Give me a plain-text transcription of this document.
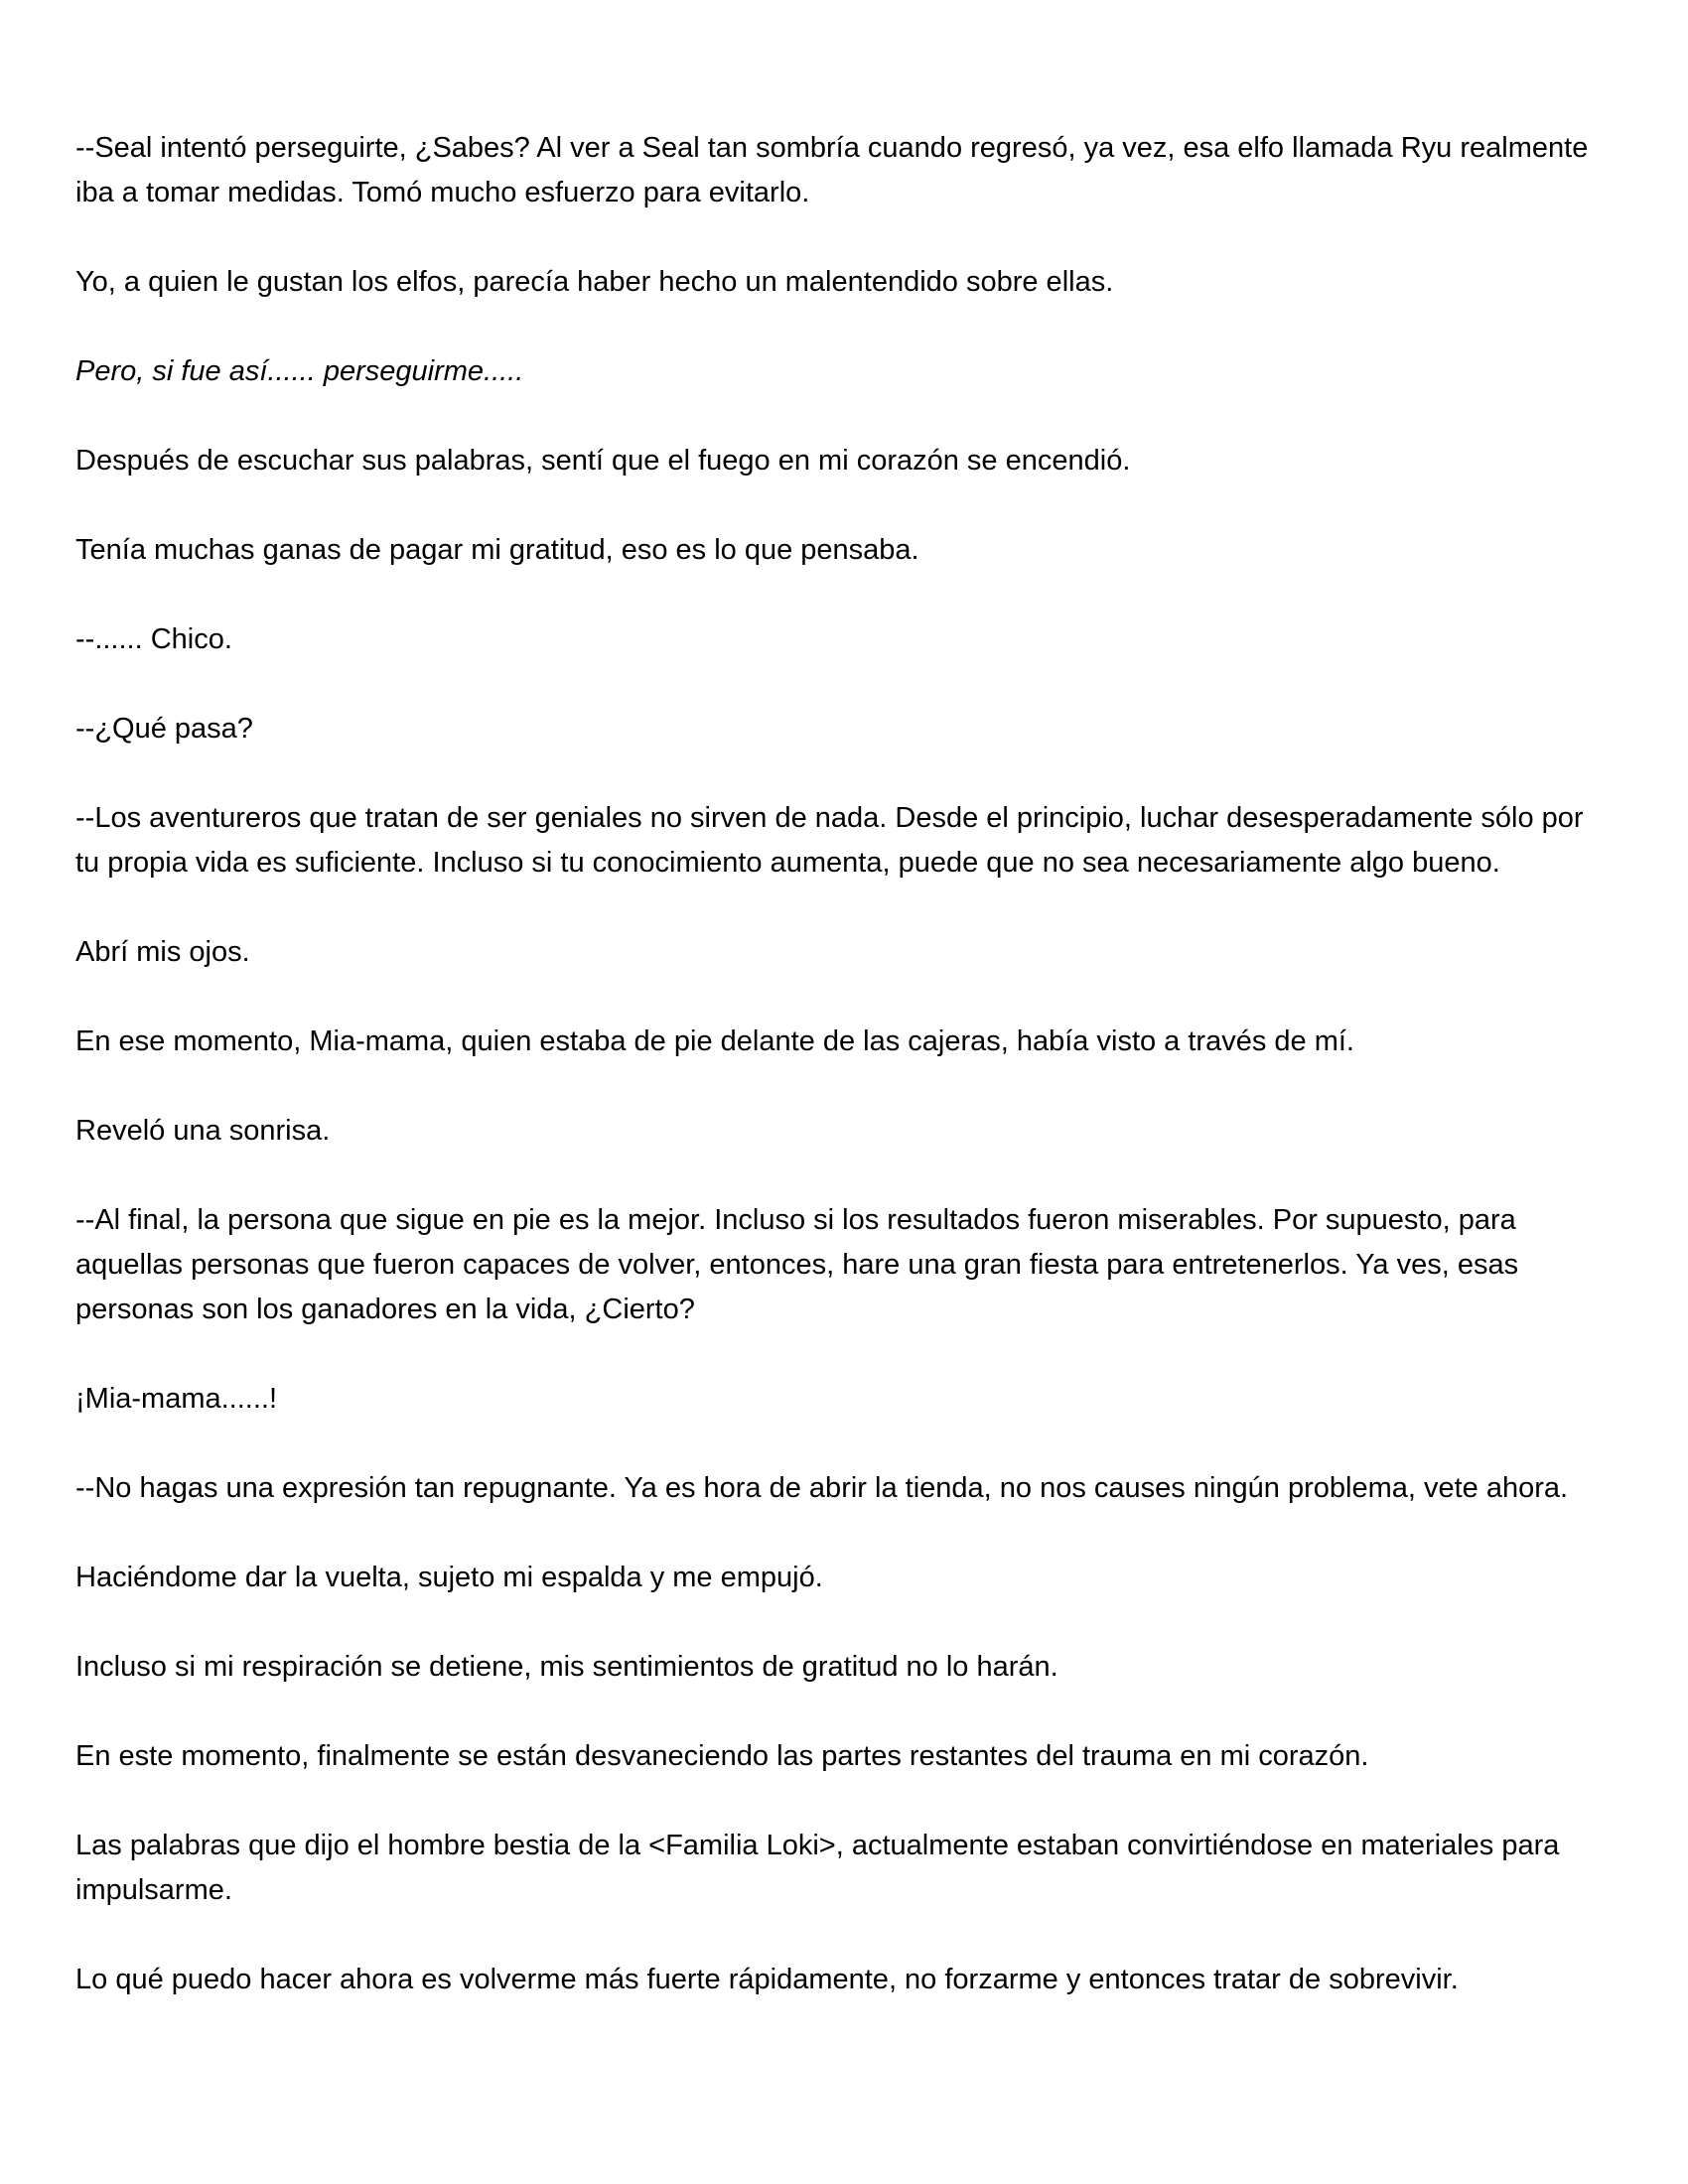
--Seal intentó perseguirte, ¿Sabes? Al ver a Seal tan sombría cuando regresó, ya vez, esa elfo llamada Ryu realmente iba a tomar medidas. Tomó mucho esfuerzo para evitarlo.

Yo, a quien le gustan los elfos, parecía haber hecho un malentendido sobre ellas.

Pero, si fue así...... perseguirme.....

Después de escuchar sus palabras, sentí que el fuego en mi corazón se encendió.

Tenía muchas ganas de pagar mi gratitud, eso es lo que pensaba.

--...... Chico.

--¿Qué pasa?

--Los aventureros que tratan de ser geniales no sirven de nada. Desde el principio, luchar desesperadamente sólo por tu propia vida es suficiente. Incluso si tu conocimiento aumenta, puede que no sea necesariamente algo bueno.

Abrí mis ojos.

En ese momento, Mia-mama, quien estaba de pie delante de las cajeras, había visto a través de mí.

Reveló una sonrisa.

--Al final, la persona que sigue en pie es la mejor. Incluso si los resultados fueron miserables. Por supuesto, para aquellas personas que fueron capaces de volver, entonces, hare una gran fiesta para entretenerlos. Ya ves, esas personas son los ganadores en la vida, ¿Cierto?

¡Mia-mama......!

--No hagas una expresión tan repugnante. Ya es hora de abrir la tienda, no nos causes ningún problema, vete ahora.

Haciéndome dar la vuelta, sujeto mi espalda y me empujó.

Incluso si mi respiración se detiene, mis sentimientos de gratitud no lo harán.

En este momento, finalmente se están desvaneciendo las partes restantes del trauma en mi corazón.

Las palabras que dijo el hombre bestia de la <Familia Loki>, actualmente estaban convirtiéndose en materiales para impulsarme.

Lo qué puedo hacer ahora es volverme más fuerte rápidamente, no forzarme y entonces tratar de sobrevivir.
